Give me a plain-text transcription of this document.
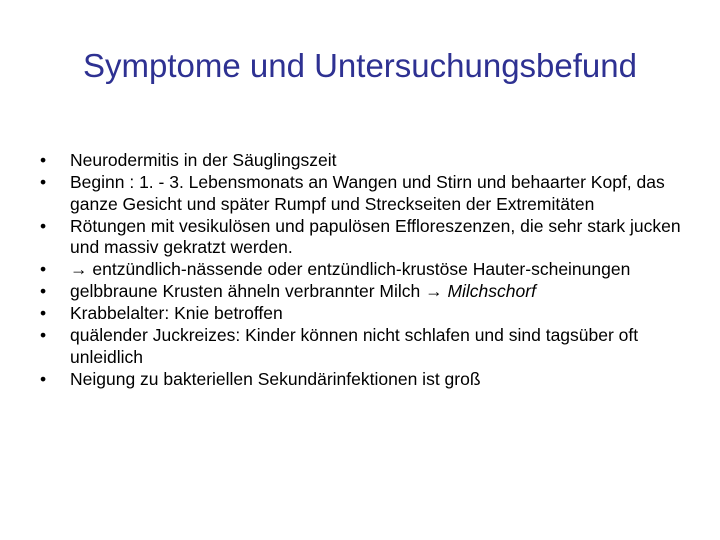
Symptome und Untersuchungsbefund
•	Neurodermitis in der Säuglingszeit
•	Beginn : 1. - 3. Lebensmonats an Wangen und Stirn und behaarter Kopf, das ganze Gesicht und später Rumpf und Streckseiten der Extremitäten
•	Rötungen mit vesikulösen und papulösen Effloreszenzen, die sehr stark jucken und massiv gekratzt werden.
•	→ entzündlich-nässende oder entzündlich-krustöse Hauter-scheinungen
•	gelbbraune Krusten ähneln verbrannter Milch → Milchschorf
•	Krabbelalter: Knie betroffen
•	quälender Juckreizes: Kinder können nicht schlafen und sind tagsüber oft unleidlich
•	Neigung zu bakteriellen Sekundärinfektionen ist groß
